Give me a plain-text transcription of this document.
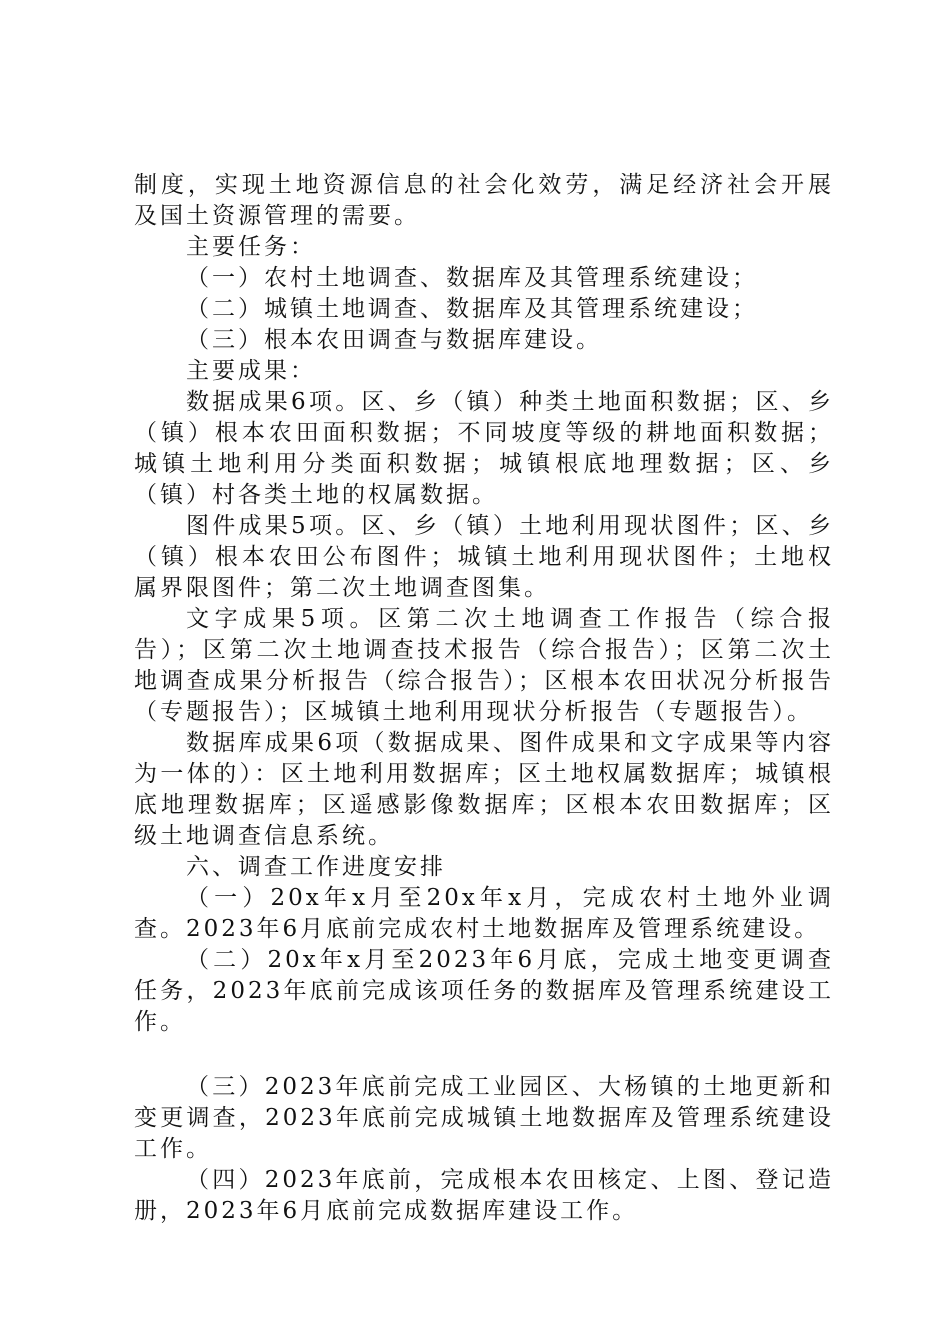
制度，实现土地资源信息的社会化效劳，满足经济社会开展及国土资源管理的需要。

主要任务：

（一）农村土地调查、数据库及其管理系统建设；

（二）城镇土地调查、数据库及其管理系统建设；

（三）根本农田调查与数据库建设。

主要成果：

数据成果6项。区、乡（镇）种类土地面积数据；区、乡（镇）根本农田面积数据；不同坡度等级的耕地面积数据；城镇土地利用分类面积数据；城镇根底地理数据；区、乡（镇）村各类土地的权属数据。

图件成果5项。区、乡（镇）土地利用现状图件；区、乡（镇）根本农田公布图件；城镇土地利用现状图件；土地权属界限图件；第二次土地调查图集。

文字成果5项。区第二次土地调查工作报告（综合报告）；区第二次土地调查技术报告（综合报告）；区第二次土地调查成果分析报告（综合报告）；区根本农田状况分析报告（专题报告）；区城镇土地利用现状分析报告（专题报告）。

数据库成果6项（数据成果、图件成果和文字成果等内容为一体的）：区土地利用数据库；区土地权属数据库；城镇根底地理数据库；区遥感影像数据库；区根本农田数据库；区级土地调查信息系统。

六、调查工作进度安排

（一）20x年x月至20x年x月，完成农村土地外业调查。2023年6月底前完成农村土地数据库及管理系统建设。

（二）20x年x月至2023年6月底，完成土地变更调查任务，2023年底前完成该项任务的数据库及管理系统建设工作。

（三）2023年底前完成工业园区、大杨镇的土地更新和变更调查，2023年底前完成城镇土地数据库及管理系统建设工作。

（四）2023年底前，完成根本农田核定、上图、登记造册，2023年6月底前完成数据库建设工作。
